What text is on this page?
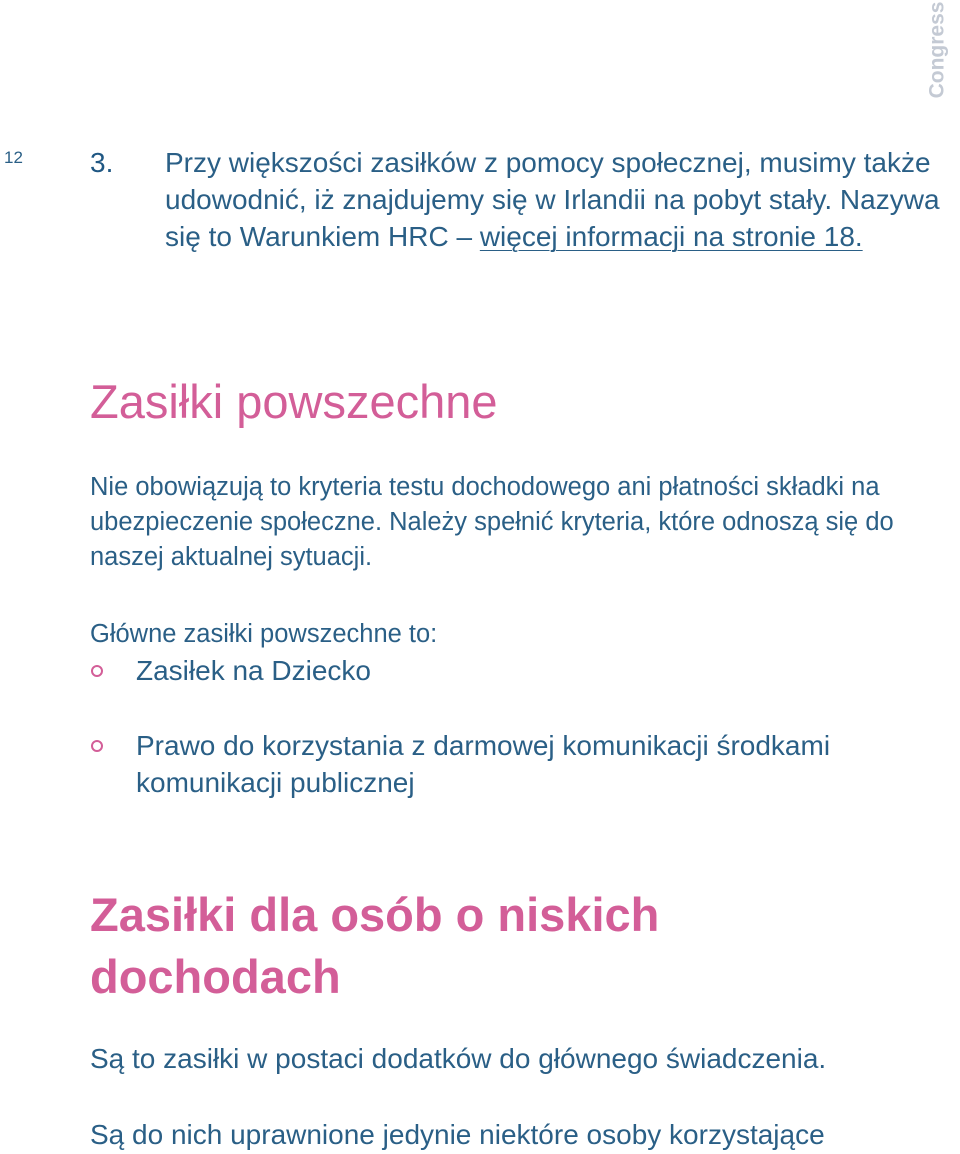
12
Congress
3.	Przy większości zasiłków z pomocy społecznej, musimy także udowodnić, iż znajdujemy się w Irlandii na pobyt stały. Nazywa się to Warunkiem HRC – więcej informacji na stronie 18.
Zasiłki powszechne
Nie obowiązują to kryteria testu dochodowego ani płatności składki na ubezpieczenie społeczne. Należy spełnić kryteria, które odnoszą się do naszej aktualnej sytuacji.
Główne zasiłki powszechne to:
Zasiłek na Dziecko
Prawo do korzystania z darmowej komunikacji środkami komunikacji publicznej
Zasiłki dla osób o niskich dochodach
Są to zasiłki w postaci dodatków do głównego świadczenia.
Są do nich uprawnione jedynie niektóre osoby korzystające
